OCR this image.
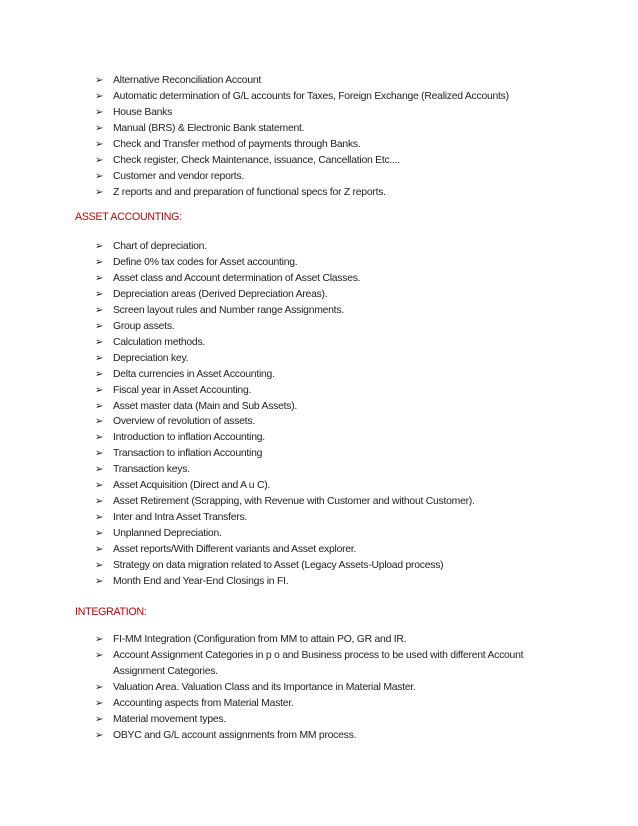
➢ Alternative Reconciliation Account
➢ Automatic determination of G/L accounts for Taxes, Foreign Exchange (Realized Accounts)
➢ House Banks
➢ Manual (BRS) & Electronic Bank statement.
➢ Check and Transfer method of payments through Banks.
➢ Check register, Check Maintenance, issuance, Cancellation Etc....
➢ Customer and vendor reports.
➢ Z reports and and preparation of functional specs for Z reports.
ASSET ACCOUNTING:
➢ Chart of depreciation.
➢ Define 0% tax codes for Asset accounting.
➢ Asset class and Account determination of Asset Classes.
➢ Depreciation areas (Derived Depreciation Areas).
➢ Screen layout rules and Number range Assignments.
➢ Group assets.
➢ Calculation methods.
➢ Depreciation key.
➢ Delta currencies in Asset Accounting.
➢ Fiscal year in Asset Accounting.
➢ Asset master data (Main and Sub Assets).
➢ Overview of revolution of assets.
➢ Introduction to inflation Accounting.
➢ Transaction to inflation Accounting
➢ Transaction keys.
➢ Asset Acquisition (Direct and A u C).
➢ Asset Retirement (Scrapping, with Revenue with Customer and without Customer).
➢ Inter and Intra Asset Transfers.
➢ Unplanned Depreciation.
➢ Asset reports/With Different variants and Asset explorer.
➢ Strategy on data migration related to Asset (Legacy Assets-Upload process)
➢ Month End and Year-End Closings in FI.
INTEGRATION:
➢ FI-MM Integration (Configuration from MM to attain PO, GR and IR.
➢ Account Assignment Categories in p o and Business process to be used with different Account Assignment Categories.
➢ Valuation Area. Valuation Class and its Importance in Material Master.
➢ Accounting aspects from Material Master.
➢ Material movement types.
➢ OBYC and G/L account assignments from MM process.
